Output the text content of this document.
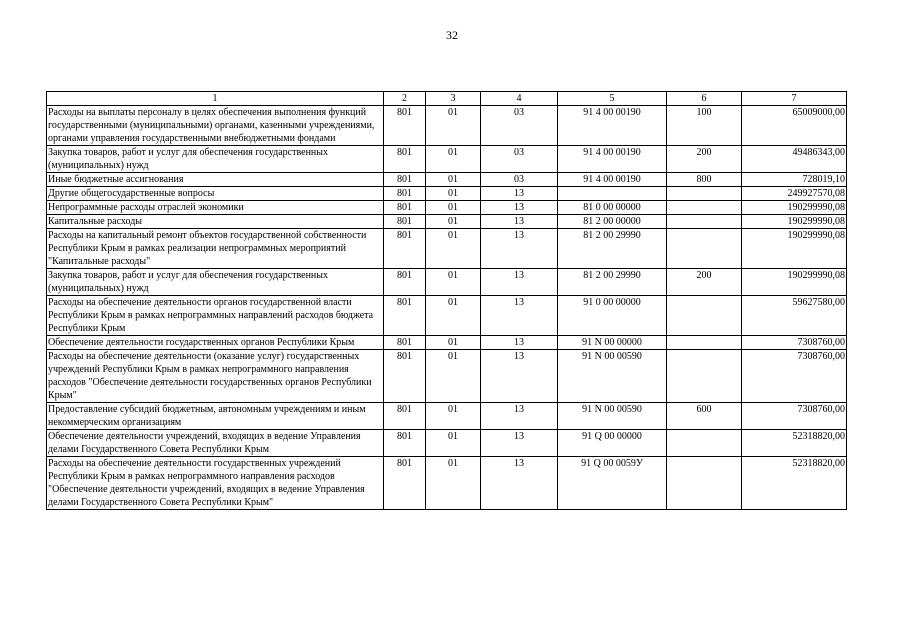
32
1	2	3	4	5	6	7
Расходы на выплаты персоналу в целях обеспечения выполнения функций государственными (муниципальными) органами, казенными учреждениями, органами управления государственными внебюджетными фондами	801	01	03	91 4 00 00190	100	65009000,00
Закупка товаров, работ и услуг для обеспечения государственных (муниципальных) нужд	801	01	03	91 4 00 00190	200	49486343,00
Иные бюджетные ассигнования	801	01	03	91 4 00 00190	800	728019,10
Другие общегосударственные вопросы	801	01	13			249927570,08
Непрограммные расходы отраслей экономики	801	01	13	81 0 00 00000		190299990,08
Капитальные расходы	801	01	13	81 2 00 00000		190299990,08
Расходы на капитальный ремонт объектов государственной собственности Республики Крым в рамках реализации непрограммных мероприятий "Капитальные расходы"	801	01	13	81 2 00 29990		190299990,08
Закупка товаров, работ и услуг для обеспечения государственных (муниципальных) нужд	801	01	13	81 2 00 29990	200	190299990,08
Расходы на обеспечение деятельности органов государственной власти Республики Крым в рамках непрограммных направлений расходов бюджета Республики Крым	801	01	13	91 0 00 00000		59627580,00
Обеспечение деятельности государственных органов Республики Крым	801	01	13	91 N 00 00000		7308760,00
Расходы на обеспечение деятельности (оказание услуг) государственных учреждений Республики Крым в рамках непрограммного направления расходов "Обеспечение деятельности государственных органов Республики Крым"	801	01	13	91 N 00 00590		7308760,00
Предоставление субсидий бюджетным, автономным учреждениям и иным некоммерческим организациям	801	01	13	91 N 00 00590	600	7308760,00
Обеспечение деятельности учреждений, входящих в ведение Управления делами Государственного Совета Республики Крым	801	01	13	91 Q 00 00000		52318820,00
Расходы на обеспечение деятельности государственных учреждений Республики Крым в рамках непрограммного направления расходов "Обеспечение деятельности учреждений, входящих в ведение Управления делами Государственного Совета Республики Крым"	801	01	13	91 Q 00 0059У		52318820,00
